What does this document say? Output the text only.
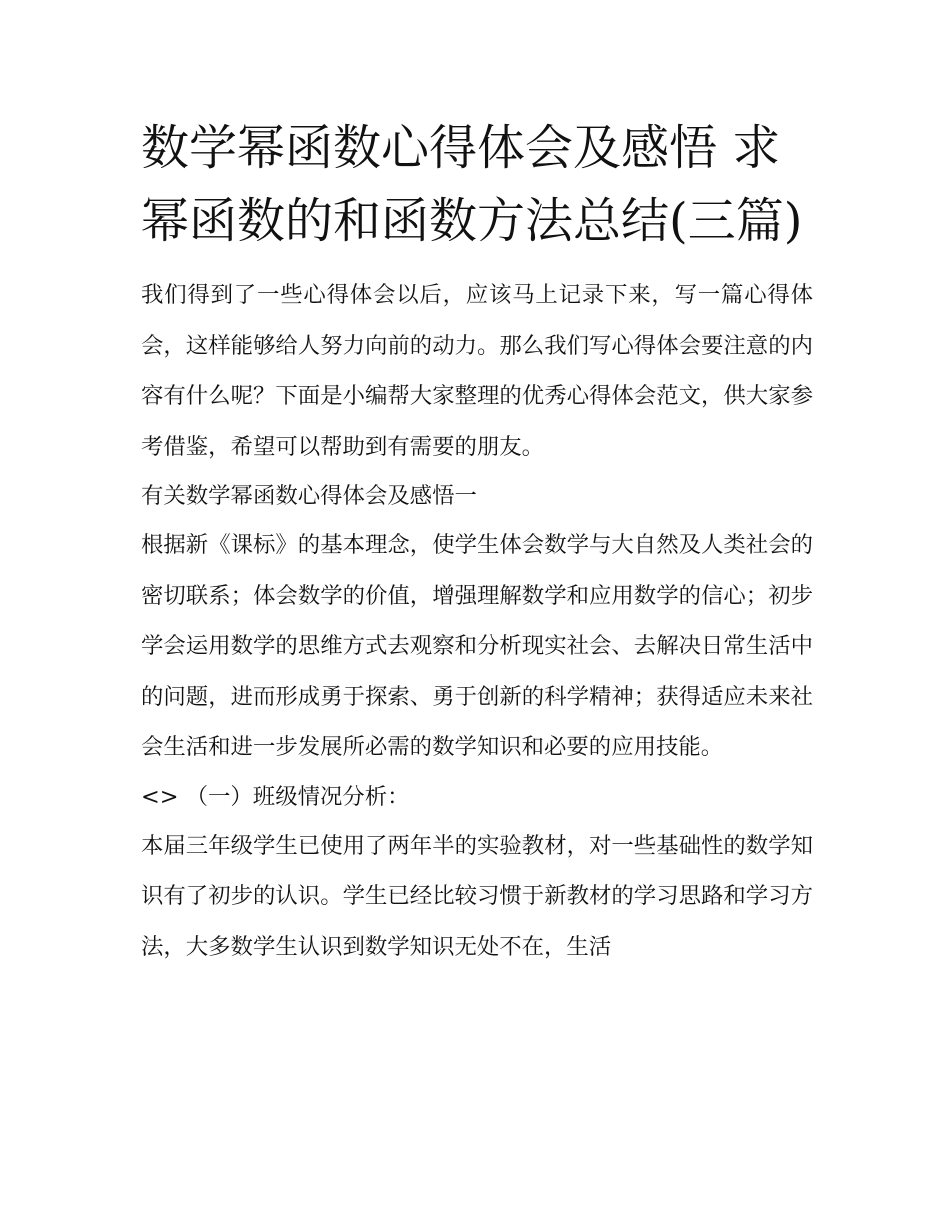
数学幂函数心得体会及感悟 求幂函数的和函数方法总结(三篇)

我们得到了一些心得体会以后，应该马上记录下来，写一篇心得体会，这样能够给人努力向前的动力。那么我们写心得体会要注意的内容有什么呢？下面是小编帮大家整理的优秀心得体会范文，供大家参考借鉴，希望可以帮助到有需要的朋友。

有关数学幂函数心得体会及感悟一

根据新《课标》的基本理念，使学生体会数学与大自然及人类社会的密切联系；体会数学的价值，增强理解数学和应用数学的信心；初步学会运用数学的思维方式去观察和分析现实社会、去解决日常生活中的问题，进而形成勇于探索、勇于创新的科学精神；获得适应未来社会生活和进一步发展所必需的数学知识和必要的应用技能。

<> （一）班级情况分析：

本届三年级学生已使用了两年半的实验教材，对一些基础性的数学知识有了初步的认识。学生已经比较习惯于新教材的学习思路和学习方法，大多数学生认识到数学知识无处不在，生活
